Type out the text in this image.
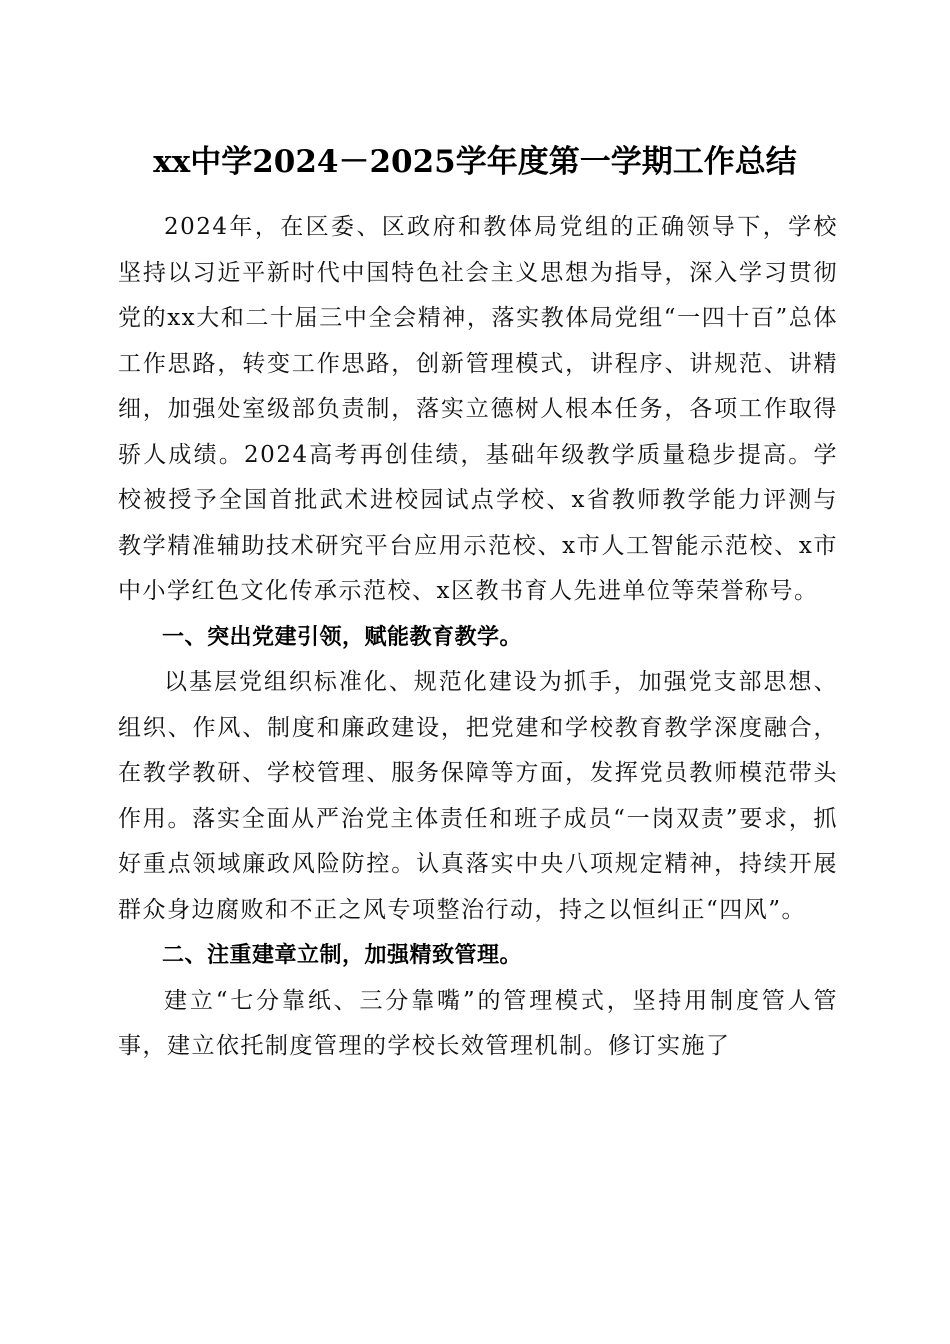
xx中学2024－2025学年度第一学期工作总结

2024年，在区委、区政府和教体局党组的正确领导下，学校坚持以习近平新时代中国特色社会主义思想为指导，深入学习贯彻党的xx大和二十届三中全会精神，落实教体局党组“一四十百”总体工作思路，转变工作思路，创新管理模式，讲程序、讲规范、讲精细，加强处室级部负责制，落实立德树人根本任务，各项工作取得骄人成绩。2024高考再创佳绩，基础年级教学质量稳步提高。学校被授予全国首批武术进校园试点学校、x省教师教学能力评测与教学精准辅助技术研究平台应用示范校、x市人工智能示范校、x市中小学红色文化传承示范校、x区教书育人先进单位等荣誉称号。

一、突出党建引领，赋能教育教学。

以基层党组织标准化、规范化建设为抓手，加强党支部思想、组织、作风、制度和廉政建设，把党建和学校教育教学深度融合，在教学教研、学校管理、服务保障等方面，发挥党员教师模范带头作用。落实全面从严治党主体责任和班子成员“一岗双责”要求，抓好重点领域廉政风险防控。认真落实中央八项规定精神，持续开展群众身边腐败和不正之风专项整治行动，持之以恒纠正“四风”。

二、注重建章立制，加强精致管理。

建立“七分靠纸、三分靠嘴”的管理模式，坚持用制度管人管事，建立依托制度管理的学校长效管理机制。修订实施了
